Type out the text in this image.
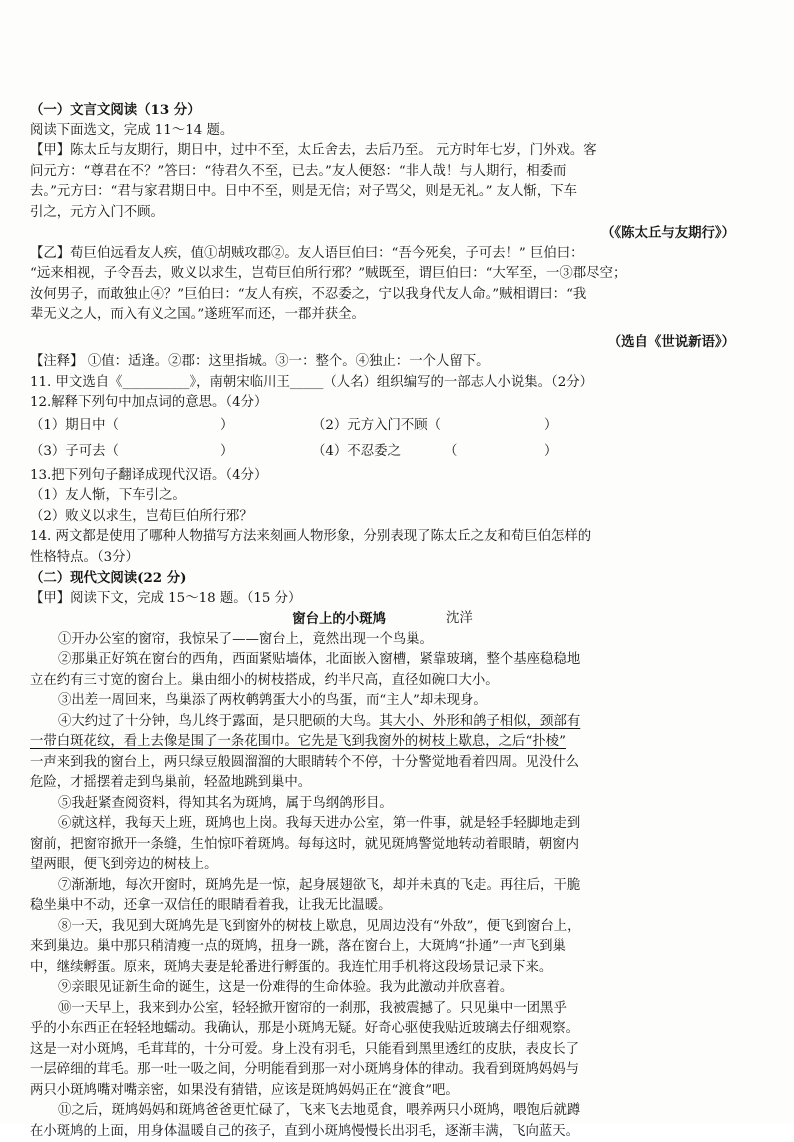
（一）文言文阅读（13 分）
阅读下面选文，完成 11～14 题。
【甲】陈太丘与友期行，期日中，过中不至，太丘舍去，去后乃至。 元方时年七岁，门外戏。客
问元方：“尊君在不？”答曰：“待君久不至，已去。”友人便怒：“非人哉！与人期行，相委而
去。”元方曰：“君与家君期日中。日中不至，则是无信；对子骂父，则是无礼。” 友人惭，下车
引之，元方入门不顾。
（《陈太丘与友期行》）
【乙】荀巨伯远看友人疾，值①胡贼攻郡②。友人语巨伯曰：“吾今死矣，子可去！” 巨伯曰：
“远来相视，子令吾去，败义以求生，岂荀巨伯所行邪？”贼既至，谓巨伯曰：“大军至，一③郡尽空；
汝何男子，而敢独止④？”巨伯曰：“友人有疾，不忍委之，宁以我身代友人命。”贼相谓曰：“我
辈无义之人，而入有义之国。”遂班军而还，一郡并获全。
（选自《世说新语》）
【注释】 ①值：适逢。②郡：这里指城。③一：整个。④独止：一个人留下。
11. 甲文选自《__________》，南朝宋临川王_____（人名）组织编写的一部志人小说集。（2分）
12.解释下列句中加点词的意思。（4分）
（1）期日中（	）	（2）元方入门不顾（	）
（3）子可去（	）	（4）不忍委之	（	）
13.把下列句子翻译成现代汉语。（4分）
（1）友人惭，下车引之。
（2）败义以求生，岂荀巨伯所行邪？
14. 两文都是使用了哪种人物描写方法来刻画人物形象，分别表现了陈太丘之友和荀巨伯怎样的
性格特点。（3分）
（二）现代文阅读(22 分)
【甲】阅读下文，完成 15～18 题。（15 分）
窗台上的小斑鸠	沈洋
①开办公室的窗帘，我惊呆了——窗台上，竟然出现一个鸟巢。
②那巢正好筑在窗台的西角，西面紧贴墙体，北面嵌入窗槽，紧靠玻璃，整个基座稳稳地
立在约有三寸宽的窗台上。巢由细小的树枝搭成，约半尺高，直径如碗口大小。
③出差一周回来，鸟巢添了两枚鹌鹑蛋大小的鸟蛋，而“主人”却未现身。
④大约过了十分钟，鸟儿终于露面，是只肥硕的大鸟。其大小、外形和鸽子相似，颈部有
一带白斑花纹，看上去像是围了一条花围巾。它先是飞到我窗外的树枝上歇息，之后“扑棱”
一声来到我的窗台上，两只绿豆般圆溜溜的大眼睛转个不停，十分警觉地看着四周。见没什么
危险，才摇摆着走到鸟巢前，轻盈地跳到巢中。
⑤我赶紧查阅资料，得知其名为斑鸠，属于鸟纲鸽形目。
⑥就这样，我每天上班，斑鸠也上岗。我每天进办公室，第一件事，就是轻手轻脚地走到
窗前，把窗帘掀开一条缝，生怕惊吓着斑鸠。每每这时，就见斑鸠警觉地转动着眼睛，朝窗内
望两眼，便飞到旁边的树枝上。
⑦渐渐地，每次开窗时，斑鸠先是一惊，起身展翅欲飞，却并未真的飞走。再往后，干脆
稳坐巢中不动，还拿一双信任的眼睛看着我，让我无比温暖。
⑧一天，我见到大斑鸠先是飞到窗外的树枝上歇息，见周边没有“外敌”，便飞到窗台上，
来到巢边。巢中那只稍清瘦一点的斑鸠，扭身一跳，落在窗台上，大斑鸠“扑通”一声飞到巢
中，继续孵蛋。原来，斑鸠夫妻是轮番进行孵蛋的。我连忙用手机将这段场景记录下来。
⑨亲眼见证新生命的诞生，这是一份难得的生命体验。我为此激动并欣喜着。
⑩一天早上，我来到办公室，轻轻掀开窗帘的一刹那，我被震撼了。只见巢中一团黑乎
乎的小东西正在轻轻地蠕动。我确认，那是小斑鸠无疑。好奇心驱使我贴近玻璃去仔细观察。
这是一对小斑鸠，毛茸茸的，十分可爱。身上没有羽毛，只能看到黑里透红的皮肤，表皮长了
一层碎细的茸毛。那一吐一吸之间，分明能看到那一对小斑鸠身体的律动。我看到斑鸠妈妈与
两只小斑鸠嘴对嘴亲密，如果没有猜错，应该是斑鸠妈妈正在“渡食”吧。
⑪之后，斑鸠妈妈和斑鸠爸爸更忙碌了，飞来飞去地觅食，喂养两只小斑鸠，喂饱后就蹲
在小斑鸠的上面，用身体温暖自己的孩子，直到小斑鸠慢慢长出羽毛，逐渐丰满，飞向蓝天。
